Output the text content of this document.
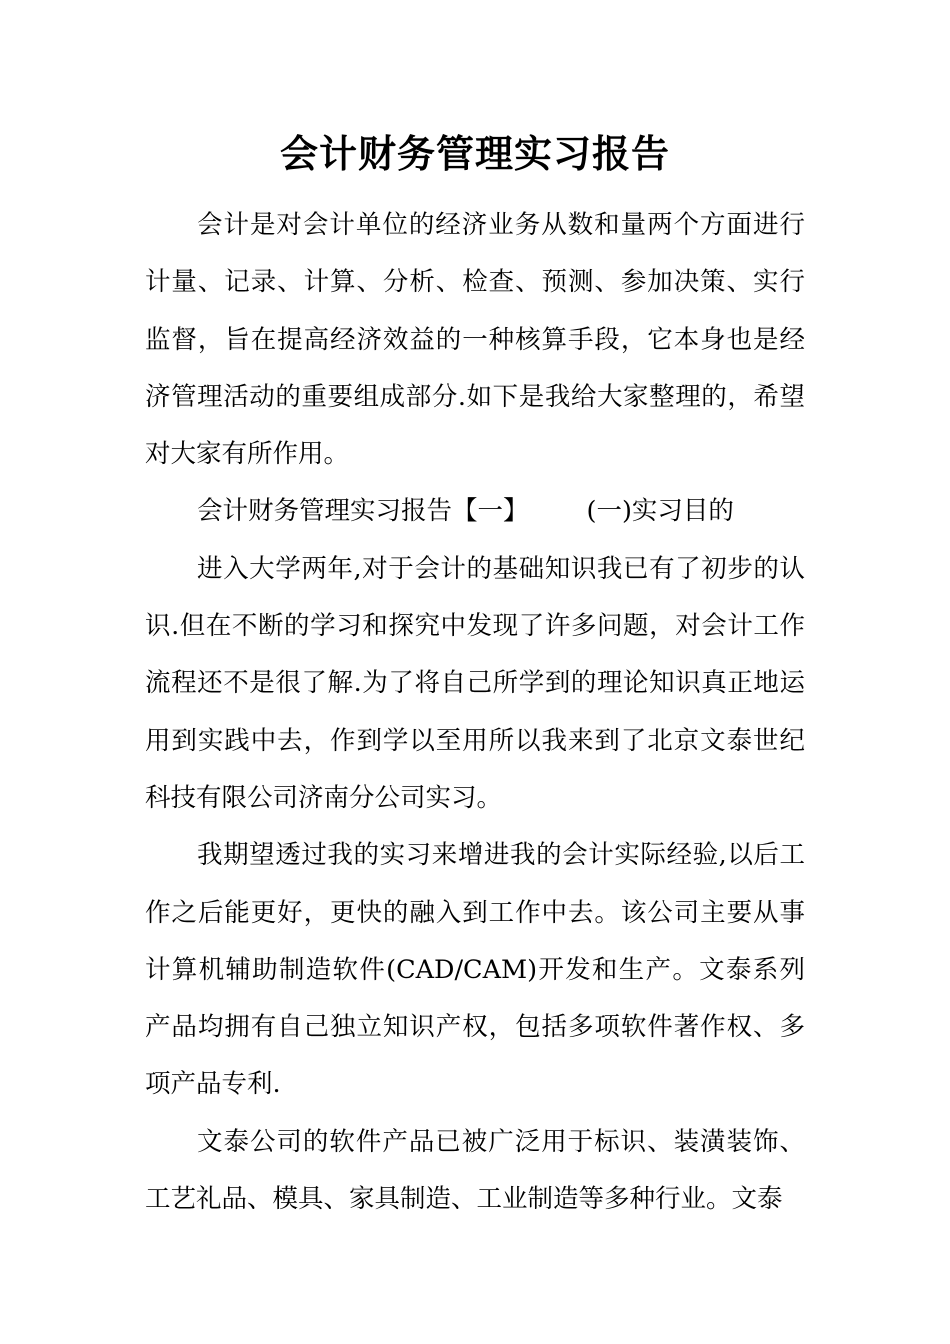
会计财务管理实习报告

会计是对会计单位的经济业务从数和量两个方面进行计量、记录、计算、分析、检查、预测、参加决策、实行监督，旨在提高经济效益的一种核算手段，它本身也是经济管理活动的重要组成部分.如下是我给大家整理的，希望对大家有所作用。

会计财务管理实习报告【一】 (一)实习目的

进入大学两年,对于会计的基础知识我已有了初步的认识.但在不断的学习和探究中发现了许多问题，对会计工作流程还不是很了解.为了将自己所学到的理论知识真正地运用到实践中去，作到学以至用所以我来到了北京文泰世纪科技有限公司济南分公司实习。

我期望透过我的实习来增进我的会计实际经验,以后工作之后能更好，更快的融入到工作中去。该公司主要从事计算机辅助制造软件(CAD/CAM)开发和生产。文泰系列产品均拥有自己独立知识产权，包括多项软件著作权、多项产品专利.

文泰公司的软件产品已被广泛用于标识、装潢装饰、工艺礼品、模具、家具制造、工业制造等多种行业。文泰
